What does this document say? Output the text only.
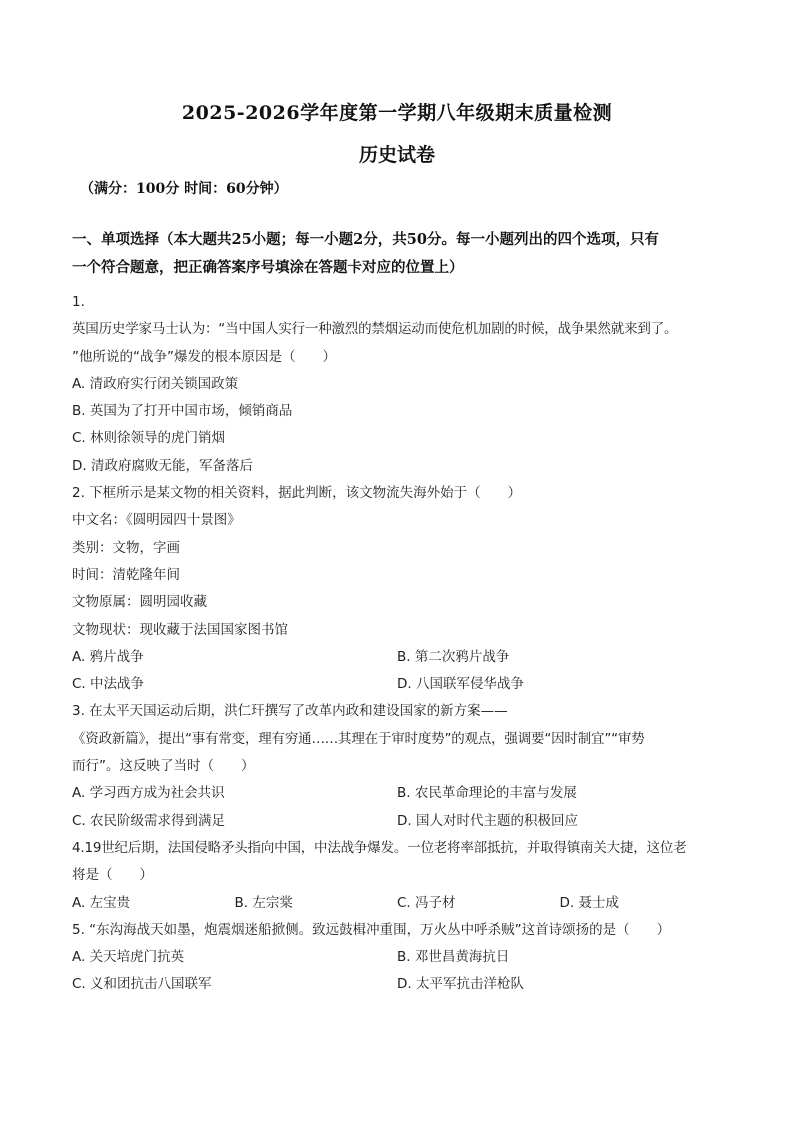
2025-2026学年度第一学期八年级期末质量检测
历史试卷
（满分：100分 时间：60分钟）
一、单项选择（本大题共25小题；每一小题2分，共50分。每一小题列出的四个选项，只有
一个符合题意，把正确答案序号填涂在答题卡对应的位置上）
1.
英国历史学家马士认为：“当中国人实行一种激烈的禁烟运动而使危机加剧的时候，战争果然就来到了。
”他所说的“战争”爆发的根本原因是（　　）
A. 清政府实行闭关锁国政策
B. 英国为了打开中国市场，倾销商品
C. 林则徐领导的虎门销烟
D. 清政府腐败无能，军备落后
2. 下框所示是某文物的相关资料，据此判断，该文物流失海外始于（　　）
中文名：《圆明园四十景图》
类别：文物，字画
时间：清乾隆年间
文物原属：圆明园收藏
文物现状：现收藏于法国国家图书馆
A. 鸦片战争	B. 第二次鸦片战争
C. 中法战争	D. 八国联军侵华战争
3. 在太平天国运动后期，洪仁玕撰写了改革内政和建设国家的新方案——
《资政新篇》，提出“事有常变，理有穷通……其理在于审时度势”的观点，强调要“因时制宜”“审势
而行”。这反映了当时（　　）
A. 学习西方成为社会共识	B. 农民革命理论的丰富与发展
C. 农民阶级需求得到满足	D. 国人对时代主题的积极回应
4.19世纪后期，法国侵略矛头指向中国，中法战争爆发。一位老将率部抵抗，并取得镇南关大捷，这位老
将是（　　）
A. 左宝贵	B. 左宗棠	C. 冯子材	D. 聂士成
5. “东沟海战天如墨，炮震烟迷船掀侧。致远鼓楫冲重围，万火丛中呼杀贼”这首诗颂扬的是（　　）
A. 关天培虎门抗英	B. 邓世昌黄海抗日
C. 义和团抗击八国联军	D. 太平军抗击洋枪队
